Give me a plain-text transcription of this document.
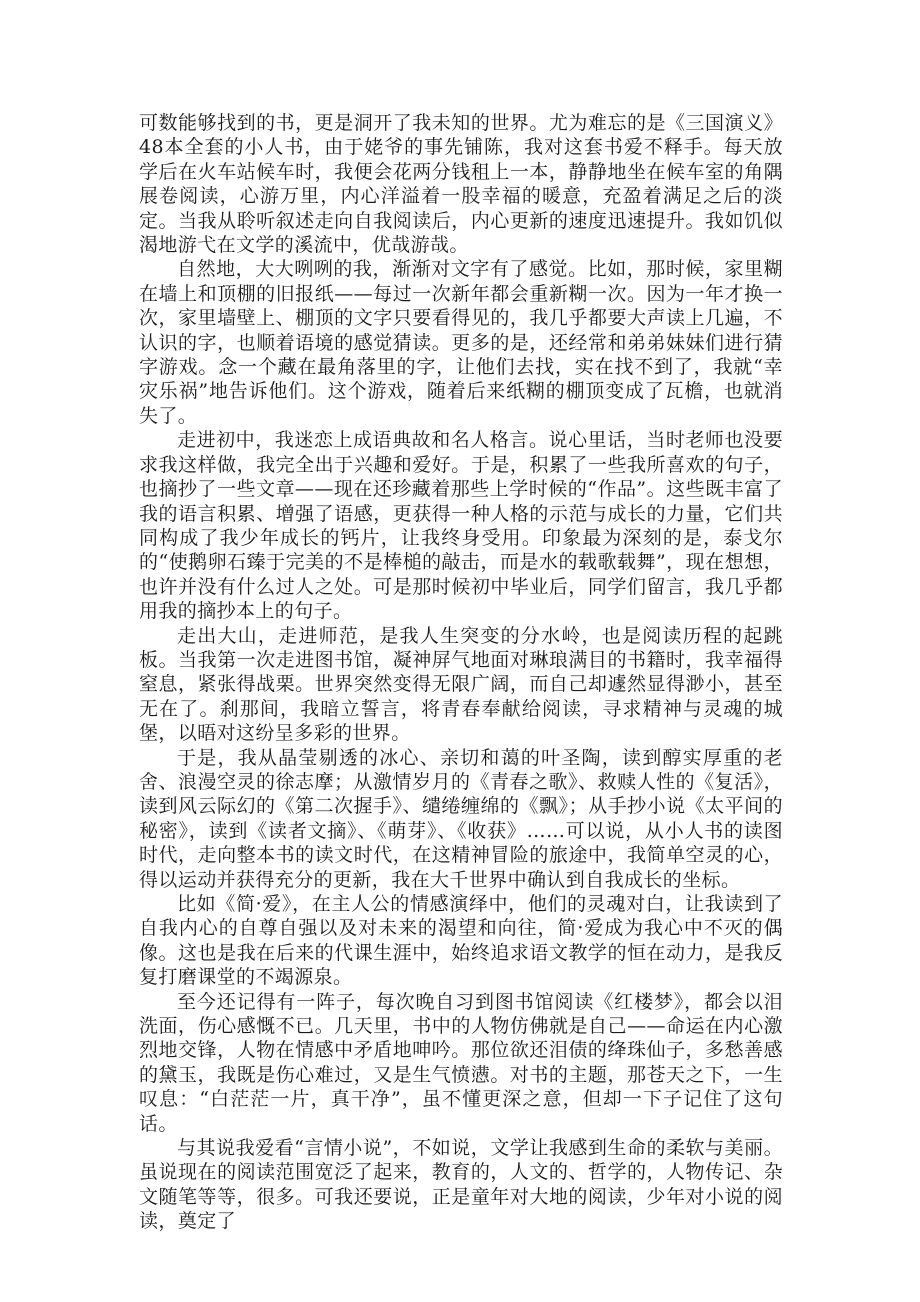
可数能够找到的书，更是洞开了我未知的世界。尤为难忘的是《三国演义》48本全套的小人书，由于姥爷的事先铺陈，我对这套书爱不释手。每天放学后在火车站候车时，我便会花两分钱租上一本，静静地坐在候车室的角隅展卷阅读，心游万里，内心洋溢着一股幸福的暖意，充盈着满足之后的淡定。当我从聆听叙述走向自我阅读后，内心更新的速度迅速提升。我如饥似渴地游弋在文学的溪流中，优哉游哉。

自然地，大大咧咧的我，渐渐对文字有了感觉。比如，那时候，家里糊在墙上和顶棚的旧报纸——每过一次新年都会重新糊一次。因为一年才换一次，家里墙壁上、棚顶的文字只要看得见的，我几乎都要大声读上几遍，不认识的字，也顺着语境的感觉猜读。更多的是，还经常和弟弟妹妹们进行猜字游戏。念一个藏在最角落里的字，让他们去找，实在找不到了，我就“幸灾乐祸”地告诉他们。这个游戏，随着后来纸糊的棚顶变成了瓦檐，也就消失了。

走进初中，我迷恋上成语典故和名人格言。说心里话，当时老师也没要求我这样做，我完全出于兴趣和爱好。于是，积累了一些我所喜欢的句子，也摘抄了一些文章——现在还珍藏着那些上学时候的“作品”。这些既丰富了我的语言积累、增强了语感，更获得一种人格的示范与成长的力量，它们共同构成了我少年成长的钙片，让我终身受用。印象最为深刻的是，泰戈尔的“使鹅卵石臻于完美的不是棒槌的敲击，而是水的载歌载舞”，现在想想，也许并没有什么过人之处。可是那时候初中毕业后，同学们留言，我几乎都用我的摘抄本上的句子。

走出大山，走进师范，是我人生突变的分水岭，也是阅读历程的起跳板。当我第一次走进图书馆，凝神屏气地面对琳琅满目的书籍时，我幸福得窒息，紧张得战栗。世界突然变得无限广阔，而自己却遽然显得渺小，甚至无在了。刹那间，我暗立誓言，将青春奉献给阅读，寻求精神与灵魂的城堡，以晤对这纷呈多彩的世界。

于是，我从晶莹剔透的冰心、亲切和蔼的叶圣陶，读到醇实厚重的老舍、浪漫空灵的徐志摩；从激情岁月的《青春之歌》、救赎人性的《复活》，读到风云际幻的《第二次握手》、缱绻缠绵的《飘》；从手抄小说《太平间的秘密》，读到《读者文摘》、《萌芽》、《收获》……可以说，从小人书的读图时代，走向整本书的读文时代，在这精神冒险的旅途中，我简单空灵的心，得以运动并获得充分的更新，我在大千世界中确认到自我成长的坐标。

比如《简·爱》，在主人公的情感演绎中，他们的灵魂对白，让我读到了自我内心的自尊自强以及对未来的渴望和向往，简·爱成为我心中不灭的偶像。这也是我在后来的代课生涯中，始终追求语文教学的恒在动力，是我反复打磨课堂的不竭源泉。

至今还记得有一阵子，每次晚自习到图书馆阅读《红楼梦》，都会以泪洗面，伤心感慨不已。几天里，书中的人物仿佛就是自己——命运在内心激烈地交锋，人物在情感中矛盾地呻吟。那位欲还泪债的绛珠仙子，多愁善感的黛玉，我既是伤心难过，又是生气愤懑。对书的主题，那苍天之下，一生叹息：“白茫茫一片，真干净”，虽不懂更深之意，但却一下子记住了这句话。

与其说我爱看“言情小说”，不如说，文学让我感到生命的柔软与美丽。虽说现在的阅读范围宽泛了起来，教育的，人文的、哲学的，人物传记、杂文随笔等等，很多。可我还要说，正是童年对大地的阅读，少年对小说的阅读，奠定了
